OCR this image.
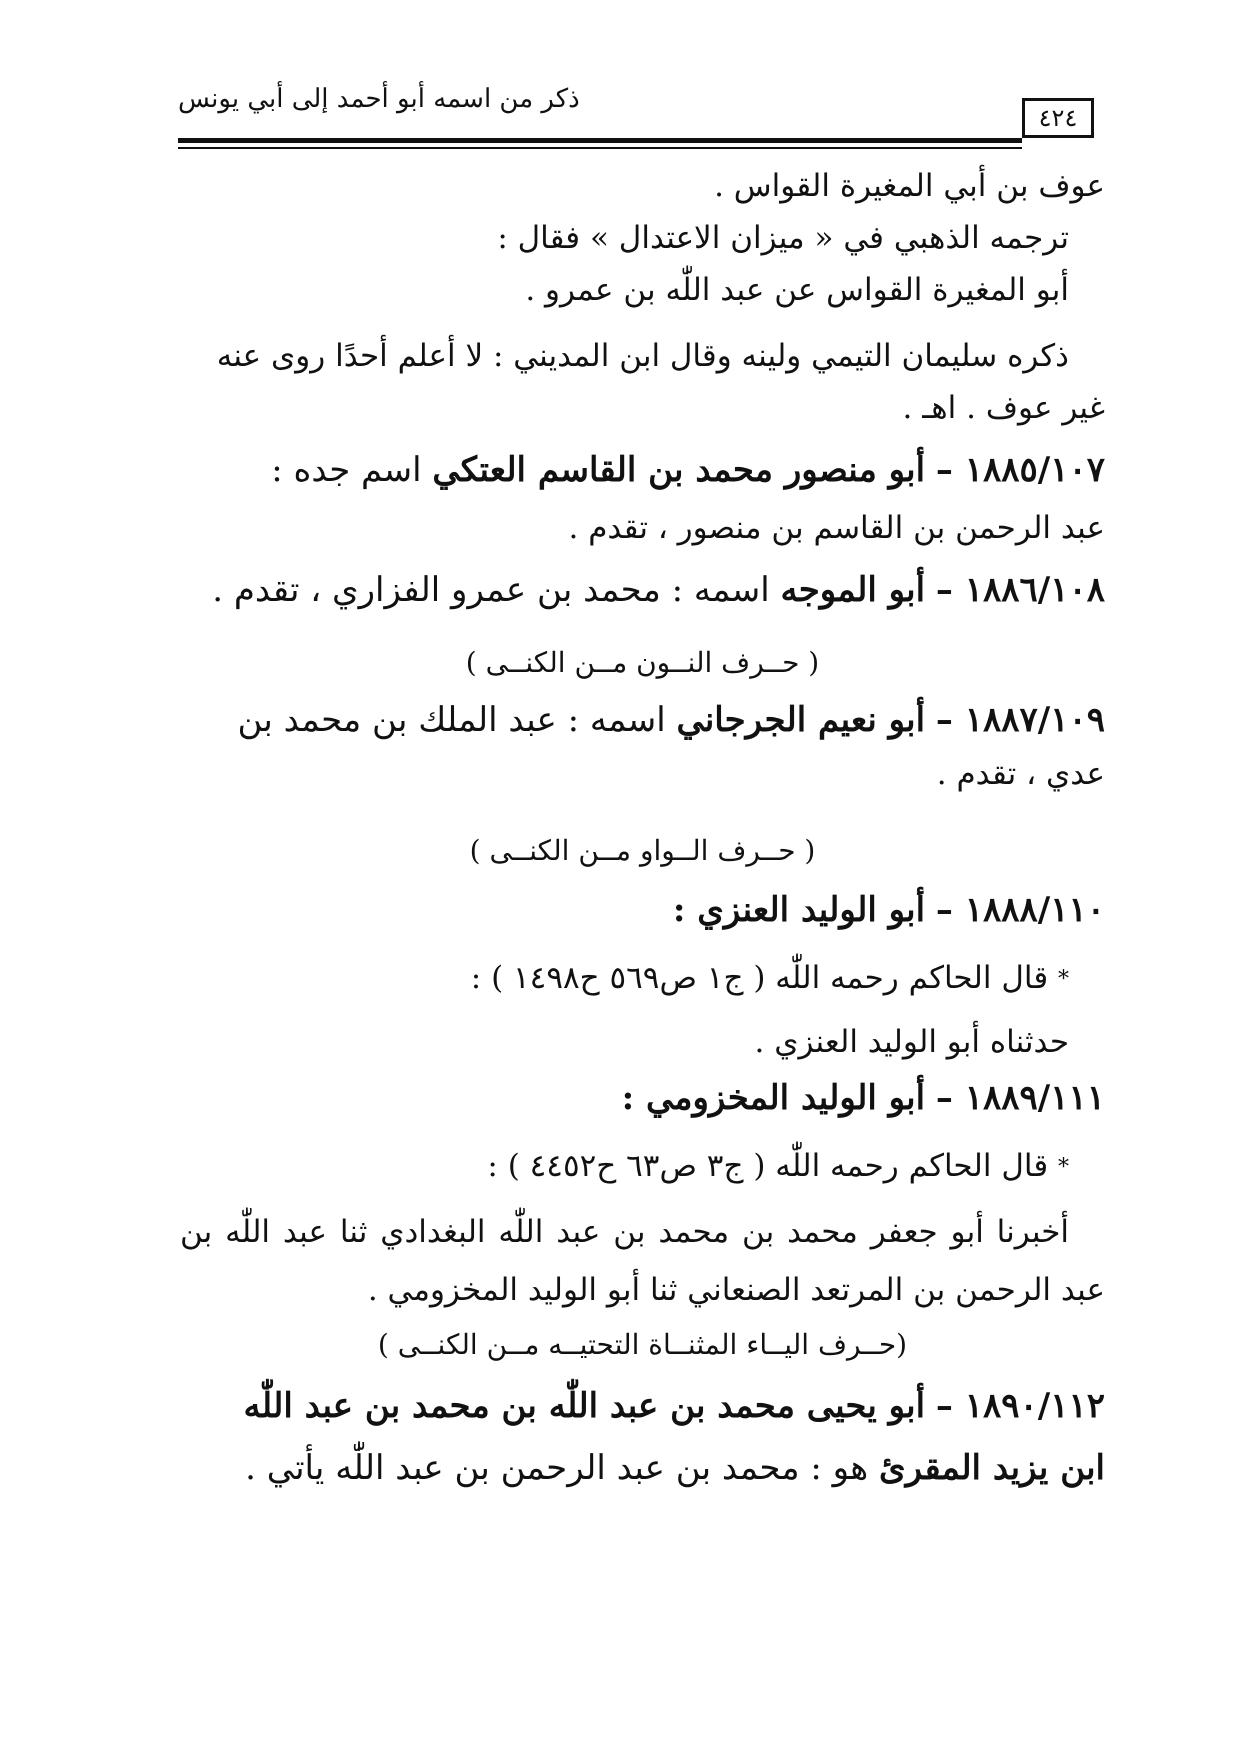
ذكر من اسمه أبو أحمد إلى أبي يونس
٤٢٤
عوف بن أبي المغيرة القواس .
ترجمه الذهبي في « ميزان الاعتدال » فقال :
أبو المغيرة القواس عن عبد اللّٰه بن عمرو .
ذكره سليمان التيمي ولينه وقال ابن المديني : لا أعلم أحدًا روى عنه
غير عوف . اهـ .
١٨٨٥/١٠٧ – أبو منصور محمد بن القاسم العتكي اسم جده :
عبد الرحمن بن القاسم بن منصور ، تقدم .
١٨٨٦/١٠٨ – أبو الموجه اسمه : محمد بن عمرو الفزاري ، تقدم .
( حــرف النــون مــن الكنــى )
١٨٨٧/١٠٩ – أبو نعيم الجرجاني اسمه : عبد الملك بن محمد بن
عدي ، تقدم .
( حــرف الــواو مــن الكنــى )
١٨٨٨/١١٠ – أبو الوليد العنزي :
* قال الحاكم رحمه اللّٰه ( ج١ ص٥٦٩ ح١٤٩٨ ) :
حدثناه أبو الوليد العنزي .
١٨٨٩/١١١ – أبو الوليد المخزومي :
* قال الحاكم رحمه اللّٰه ( ج٣ ص٦٣ ح٤٤٥٢ ) :
أخبرنا أبو جعفر محمد بن محمد بن عبد اللّٰه البغدادي ثنا عبد اللّٰه بن
عبد الرحمن بن المرتعد الصنعاني ثنا أبو الوليد المخزومي .
(حــرف اليــاء المثنــاة التحتيــه مــن الكنــى )
١٨٩٠/١١٢ – أبو يحيى محمد بن عبد اللّٰه بن محمد بن عبد اللّٰه
ابن يزيد المقرئ هو : محمد بن عبد الرحمن بن عبد اللّٰه يأتي .
